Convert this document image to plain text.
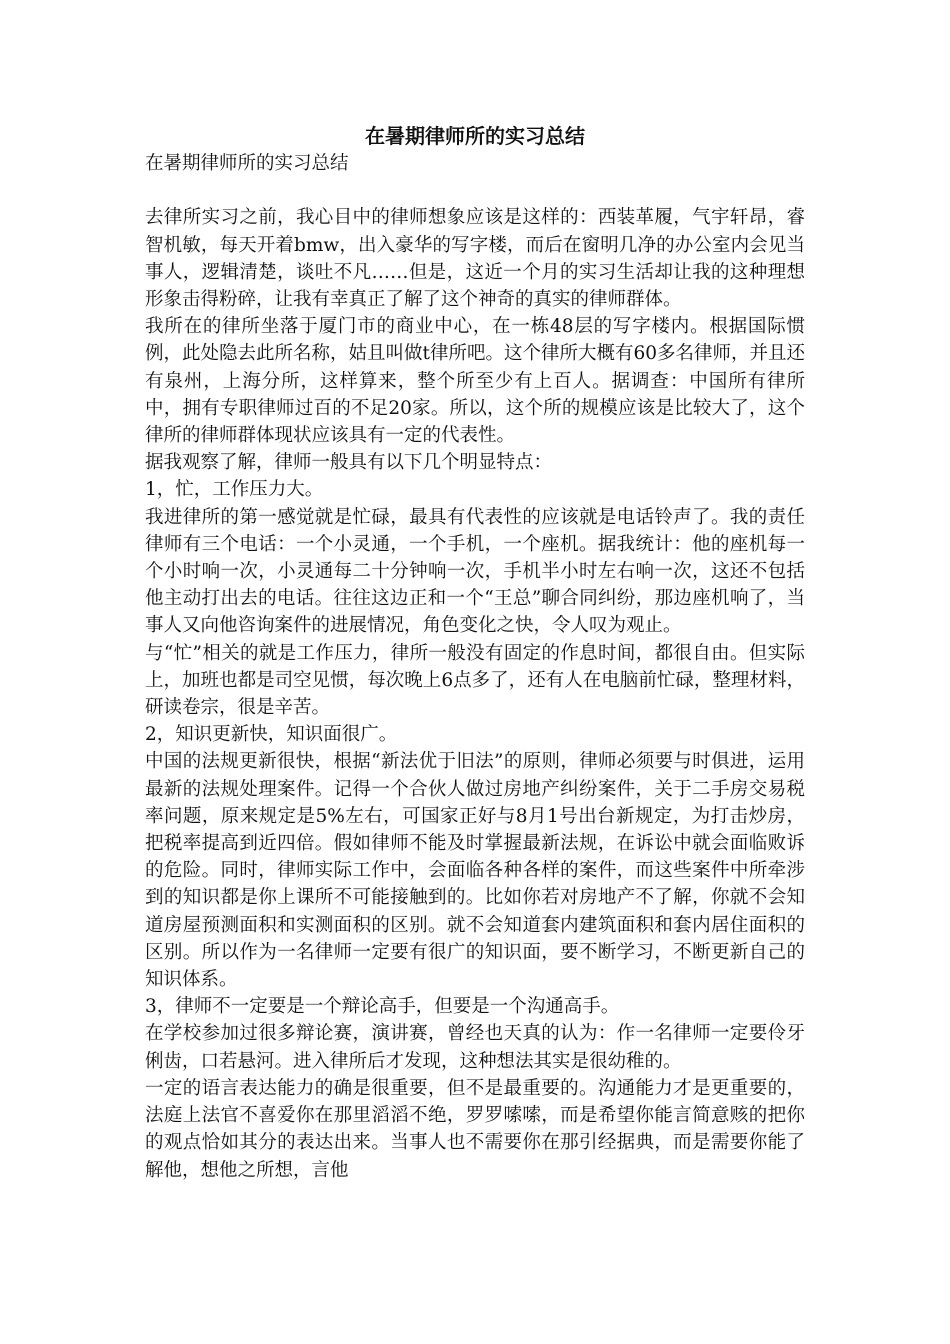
在暑期律师所的实习总结

在暑期律师所的实习总结

去律所实习之前，我心目中的律师想象应该是这样的：西装革履，气宇轩昂，睿智机敏，每天开着bmw，出入豪华的写字楼，而后在窗明几净的办公室内会见当事人，逻辑清楚，谈吐不凡……但是，这近一个月的实习生活却让我的这种理想形象击得粉碎，让我有幸真正了解了这个神奇的真实的律师群体。

我所在的律所坐落于厦门市的商业中心，在一栋48层的写字楼内。根据国际惯例，此处隐去此所名称，姑且叫做t律所吧。这个律所大概有60多名律师，并且还有泉州，上海分所，这样算来，整个所至少有上百人。据调查：中国所有律所中，拥有专职律师过百的不足20家。所以，这个所的规模应该是比较大了，这个律所的律师群体现状应该具有一定的代表性。

据我观察了解，律师一般具有以下几个明显特点：

1，忙，工作压力大。

我进律所的第一感觉就是忙碌，最具有代表性的应该就是电话铃声了。我的责任律师有三个电话：一个小灵通，一个手机，一个座机。据我统计：他的座机每一个小时响一次，小灵通每二十分钟响一次，手机半小时左右响一次，这还不包括他主动打出去的电话。往往这边正和一个“王总”聊合同纠纷，那边座机响了，当事人又向他咨询案件的进展情况，角色变化之快，令人叹为观止。

与“忙”相关的就是工作压力，律所一般没有固定的作息时间，都很自由。但实际上，加班也都是司空见惯，每次晚上6点多了，还有人在电脑前忙碌，整理材料，研读卷宗，很是辛苦。

2，知识更新快，知识面很广。

中国的法规更新很快，根据“新法优于旧法”的原则，律师必须要与时俱进，运用最新的法规处理案件。记得一个合伙人做过房地产纠纷案件，关于二手房交易税率问题，原来规定是5%左右，可国家正好与8月1号出台新规定，为打击炒房，把税率提高到近四倍。假如律师不能及时掌握最新法规，在诉讼中就会面临败诉的危险。同时，律师实际工作中，会面临各种各样的案件，而这些案件中所牵涉到的知识都是你上课所不可能接触到的。比如你若对房地产不了解，你就不会知道房屋预测面积和实测面积的区别。就不会知道套内建筑面积和套内居住面积的区别。所以作为一名律师一定要有很广的知识面，要不断学习，不断更新自己的知识体系。

3，律师不一定要是一个辩论高手，但要是一个沟通高手。

在学校参加过很多辩论赛，演讲赛，曾经也天真的认为：作一名律师一定要伶牙俐齿，口若悬河。进入律所后才发现，这种想法其实是很幼稚的。

一定的语言表达能力的确是很重要，但不是最重要的。沟通能力才是更重要的，法庭上法官不喜爱你在那里滔滔不绝，罗罗嗦嗦，而是希望你能言简意赅的把你的观点恰如其分的表达出来。当事人也不需要你在那引经据典，而是需要你能了解他，想他之所想，言他
